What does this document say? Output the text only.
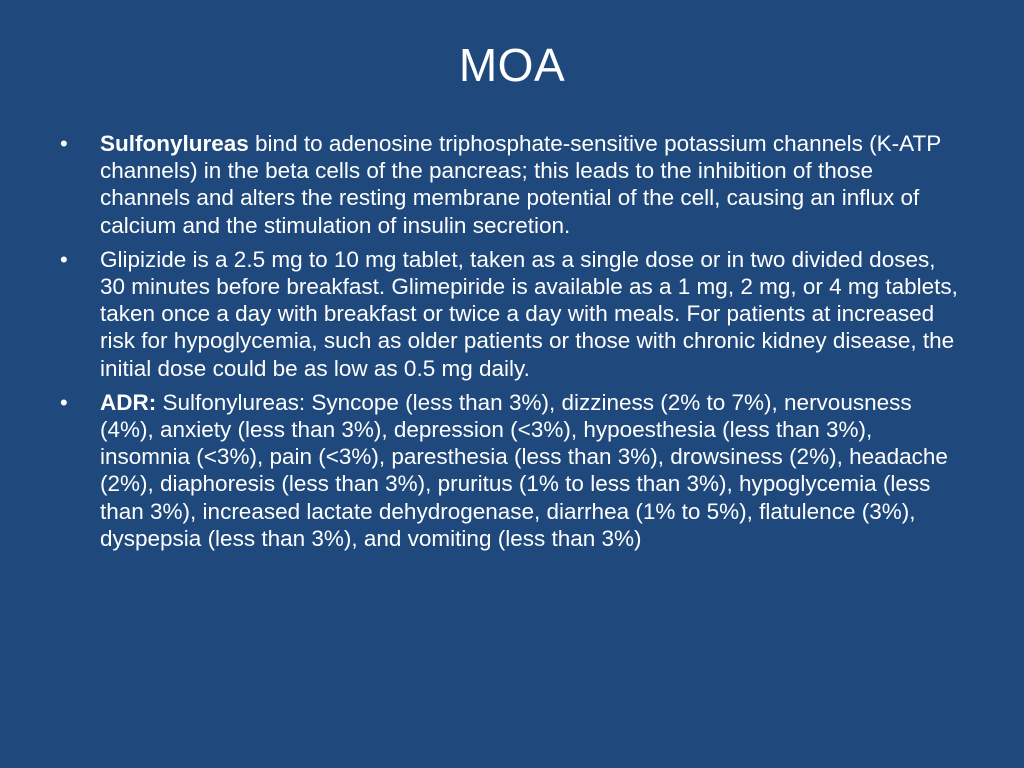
MOA
•	Sulfonylureas bind to adenosine triphosphate-sensitive potassium channels (K-ATP channels) in the beta cells of the pancreas; this leads to the inhibition of those channels and alters the resting membrane potential of the cell, causing an influx of calcium and the stimulation of insulin secretion.
•	Glipizide is a 2.5 mg to 10 mg tablet, taken as a single dose or in two divided doses, 30 minutes before breakfast. Glimepiride is available as a 1 mg, 2 mg, or 4 mg tablets, taken once a day with breakfast or twice a day with meals. For patients at increased risk for hypoglycemia, such as older patients or those with chronic kidney disease, the initial dose could be as low as 0.5 mg daily.
•	ADR: Sulfonylureas: Syncope (less than 3%), dizziness (2% to 7%), nervousness (4%), anxiety (less than 3%), depression (<3%), hypoesthesia (less than 3%), insomnia (<3%), pain (<3%), paresthesia (less than 3%), drowsiness (2%), headache (2%), diaphoresis (less than 3%), pruritus (1% to less than 3%), hypoglycemia (less than 3%), increased lactate dehydrogenase, diarrhea (1% to 5%), flatulence (3%), dyspepsia (less than 3%), and vomiting (less than 3%)
